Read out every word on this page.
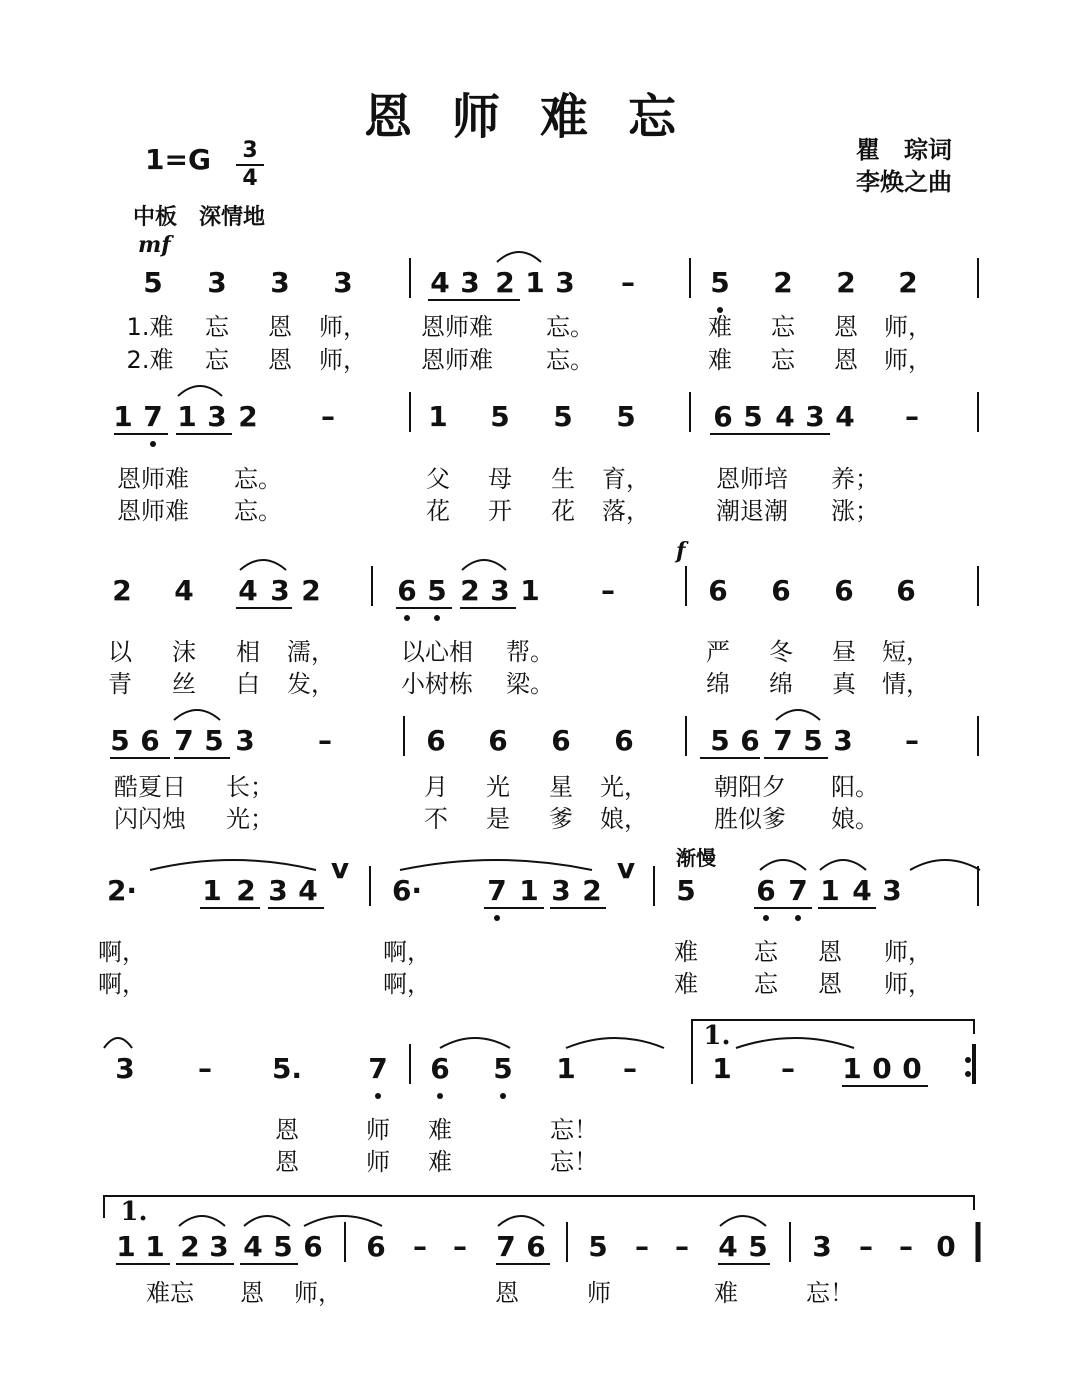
恩师难忘
1=G 3
4
瞿　琮词
李焕之曲
中板　深情地
mf
f
渐慢
5 3 3 3	4 3 2 1 3 –	5 2 2 2
1.难 忘 恩 师， 恩师难 忘。	难 忘 恩 师，
2.难 忘 恩 师， 恩师难 忘。	难 忘 恩 师，
1 7 1 3 2 –	1 5 5 5	6 5 4 3 4 –
恩师难 忘。	父 母 生 育，	恩师培 养；
恩师难 忘。	花 开 花 落，	潮退潮 涨；
2 4 4 3 2	6 5 2 3 1 –	6 6 6 6
以 沫 相 濡，	以心相 帮。	严 冬 昼 短，
青 丝 白 发，	小树栋 梁。	绵 绵 真 情，
5 6 7 5 3 –	6 6 6 6	5 6 7 5 3 –
酷夏日 长；	月 光 星 光，	朝阳夕 阳。
闪闪烛 光；	不 是 爹 娘，	胜似爹 娘。
2· 1 2 3 4
v
6· 7 1 3 2
v
5 6 7 1 4 3
啊，	啊，	难 忘 恩 师，
啊，	啊，	难 忘 恩 师，
3 – 5. 7 6 5 1 –	1 – 1 0 0
恩	师 难	忘！
恩	师 难	忘！
1 1 2 3 4 5 6 6 – – 7 6 5 – – 4 5 3 – – 0
难忘 恩 师，	恩	师	难	忘！
1.
1.
